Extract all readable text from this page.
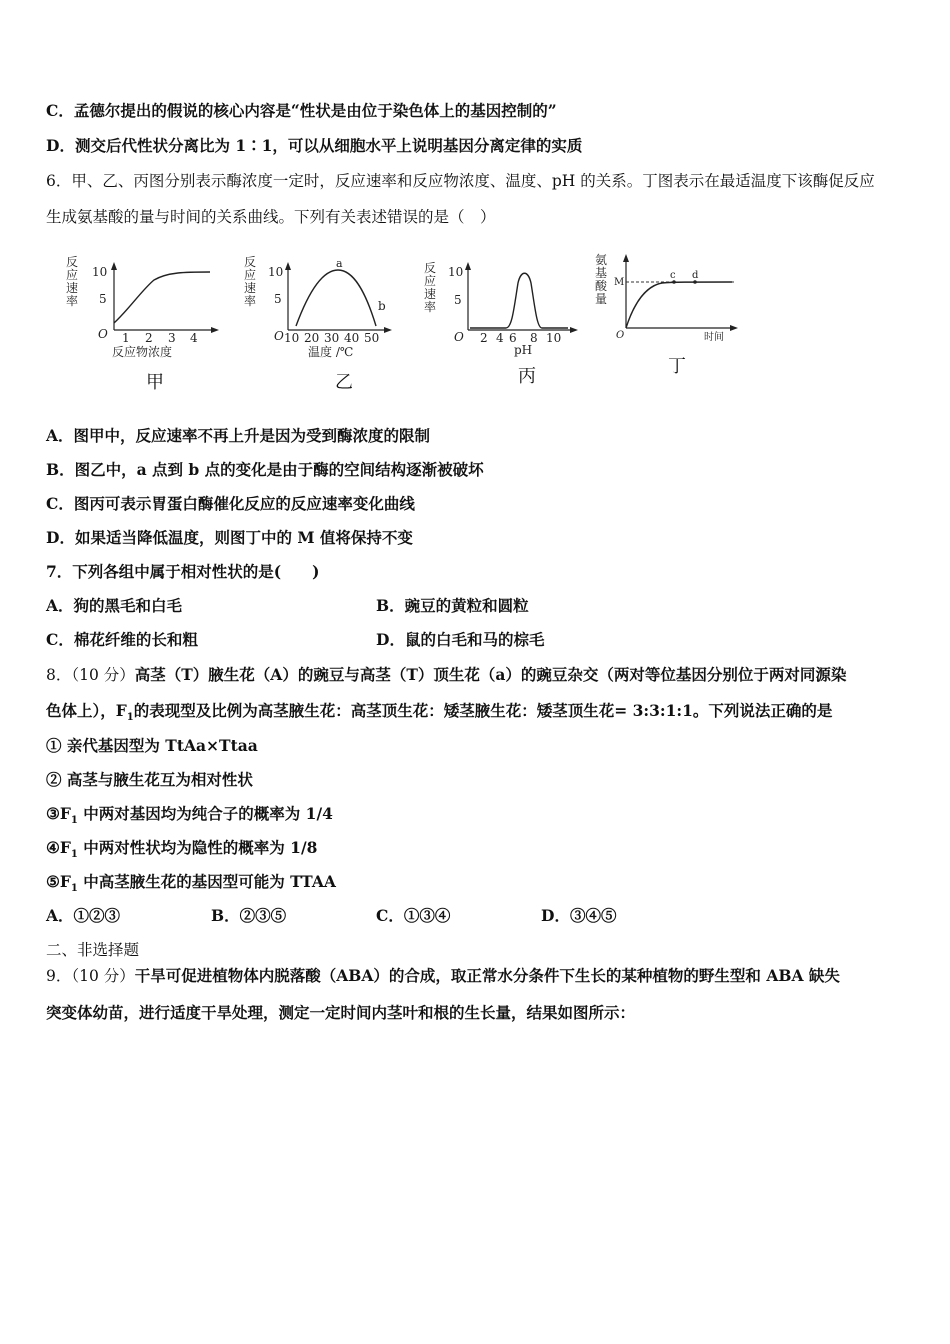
C．孟德尔提出的假说的核心内容是“性状是由位于染色体上的基因控制的”
D．测交后代性状分离比为 1∶1，可以从细胞水平上说明基因分离定律的实质
6．甲、乙、丙图分别表示酶浓度一定时，反应速率和反应物浓度、温度、pH 的关系。丁图表示在最适温度下该酶促反应
生成氨基酸的量与时间的关系曲线。下列有关表述错误的是（　）
反
应
速
率
10
5
O 1 2 3 4
反应物浓度
甲
反
应
速
率
a
b
10
5
O 10 20 30 40 50
温度 /℃
乙
反
应
速
率
10
5
O 2 4 6 8 10
pH
丙
氨
基
酸
量
M
c d
O	时间
丁
A．图甲中，反应速率不再上升是因为受到酶浓度的限制
B．图乙中，a 点到 b 点的变化是由于酶的空间结构逐渐被破坏
C．图丙可表示胃蛋白酶催化反应的反应速率变化曲线
D．如果适当降低温度，则图丁中的 M 值将保持不变
7．下列各组中属于相对性状的是(　　)
A．狗的黑毛和白毛	B．豌豆的黄粒和圆粒
C．棉花纤维的长和粗	D．鼠的白毛和马的棕毛
8．（10 分）高茎（T）腋生花（A）的豌豆与高茎（T）顶生花（a）的豌豆杂交（两对等位基因分别位于两对同源染
色体上），$F_1$的表现型及比例为高茎腋生花：高茎顶生花：矮茎腋生花：矮茎顶生花= 3:3:1:1。下列说法正确的是
① 亲代基因型为 TtAa×Ttaa
② 高茎与腋生花互为相对性状
$③F_1$ 中两对基因均为纯合子的概率为 1/4
$④F_1$ 中两对性状均为隐性的概率为 1/8
$⑤F_1$ 中高茎腋生花的基因型可能为 TTAA
A．①②③	B．②③⑤	C．①③④	D．③④⑤
二、非选择题
9．（10 分）干旱可促进植物体内脱落酸（ABA）的合成，取正常水分条件下生长的某种植物的野生型和 ABA 缺失
突变体幼苗，进行适度干旱处理，测定一定时间内茎叶和根的生长量，结果如图所示：
